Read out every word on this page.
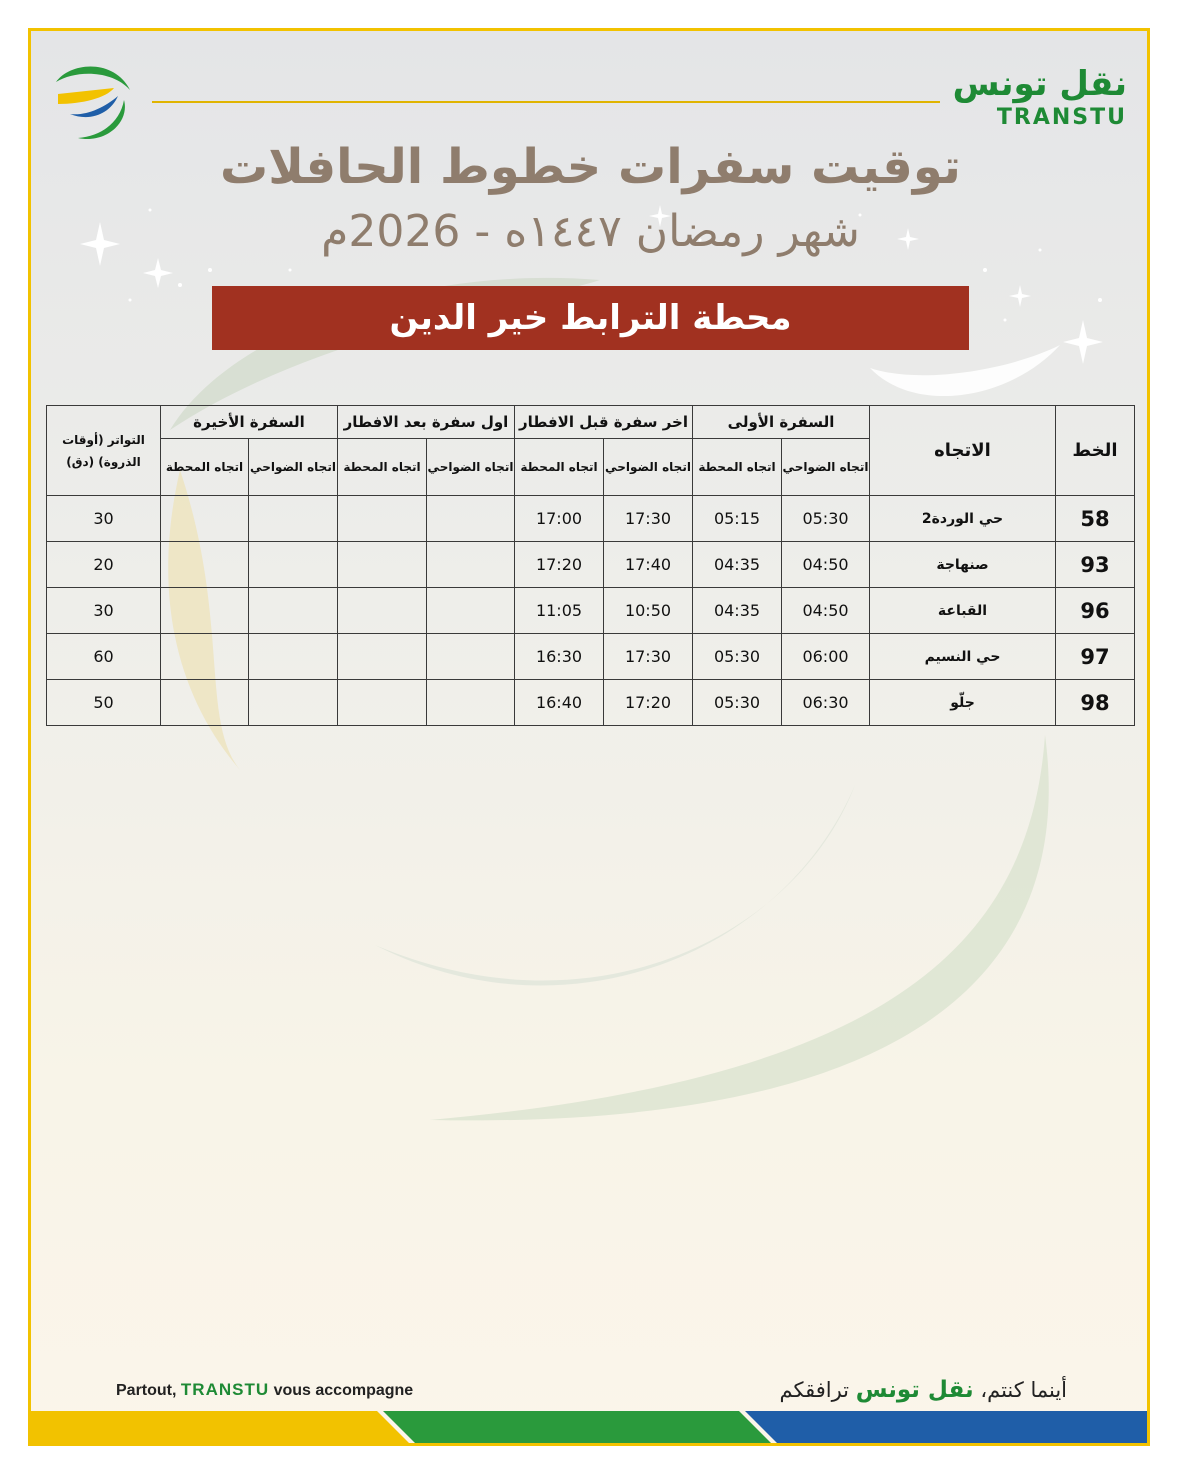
نقل تونس
TRANSTU
توقيت سفرات خطوط الحافلات
شهر رمضان ١٤٤٧ه - 2026م
محطة الترابط خير الدين
الخط	الاتجاه	السفرة الأولى		اخر سفرة قبل الافطار		اول سفرة بعد الافطار		السفرة الأخيرة		التواتر (أوقات الذروة) (دق)
		اتجاه الضواحي	اتجاه المحطة	اتجاه الضواحي	اتجاه المحطة	اتجاه الضواحي	اتجاه المحطة	اتجاه الضواحي	اتجاه المحطة	
58	حي الوردة2	05:30	05:15	17:30	17:00					30
93	صنهاجة	04:50	04:35	17:40	17:20					20
96	القباعة	04:50	04:35	10:50	11:05					30
97	حي النسيم	06:00	05:30	17:30	16:30					60
98	جلّو	06:30	05:30	17:20	16:40					50
Partout, TRANSTU vous accompagne	أينما كنتم، نقل تونس ترافقكم
